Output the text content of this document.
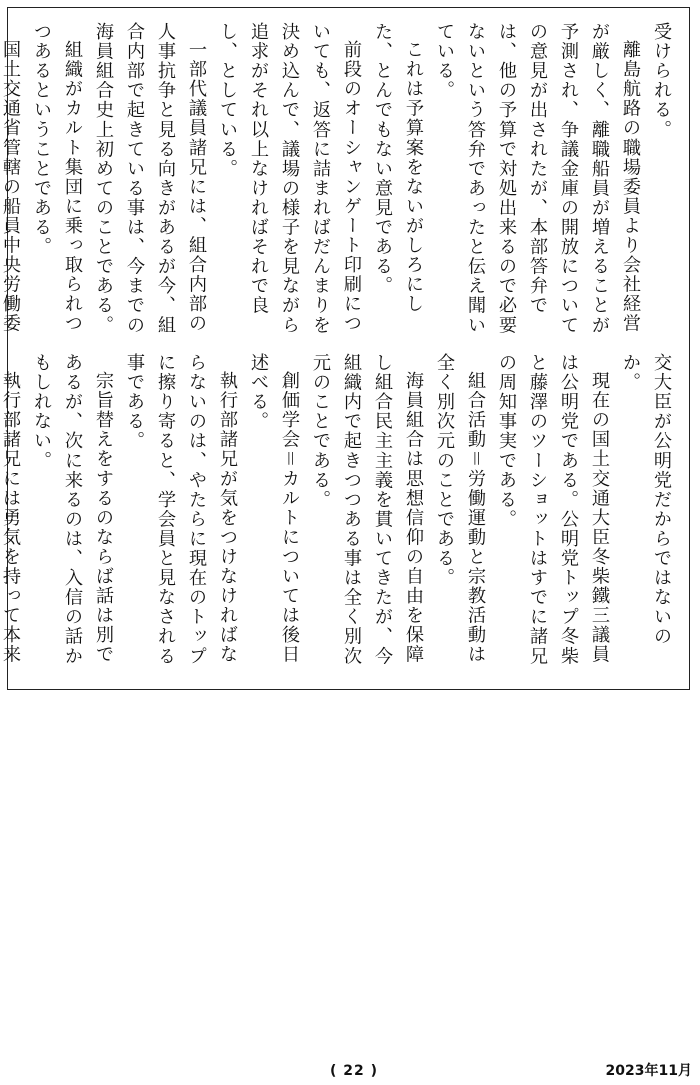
受けられる。

離島航路の職場委員より会社経営が厳しく、離職船員が増えることが予測され、争議金庫の開放についての意見が出されたが、本部答弁では、他の予算で対処出来るので必要ないという答弁であったと伝え聞いている。

これは予算案をないがしろにした、とんでもない意見である。

前段のオーシャンゲート印刷についても、返答に詰まればだんまりを決め込んで、議場の様子を見ながら追求がそれ以上なければそれで良し、としている。

一部代議員諸兄には、組合内部の人事抗争と見る向きがあるが今、組合内部で起きている事は、今までの海員組合史上初めてのことである。

組織がカルト集団に乗っ取られつつあるということである。

国土交通省管轄の船員中央労働委

交大臣が公明党だからではないのか。

現在の国土交通大臣冬柴鐵三議員は公明党である。公明党トップ冬柴と藤澤のツーショットはすでに諸兄の周知事実である。

組合活動＝労働運動と宗教活動は全く別次元のことである。

海員組合は思想信仰の自由を保障し組合民主主義を貫いてきたが、今組織内で起きつつある事は全く別次元のことである。

創価学会＝カルトについては後日述べる。

執行部諸兄が気をつけなければならないのは、やたらに現在のトップに擦り寄ると、学会員と見なされる事である。

宗旨替えをするのならば話は別であるが、次に来るのは、入信の話かもしれない。

執行部諸兄には勇気を持って本来

( 22 )	2023年11月
